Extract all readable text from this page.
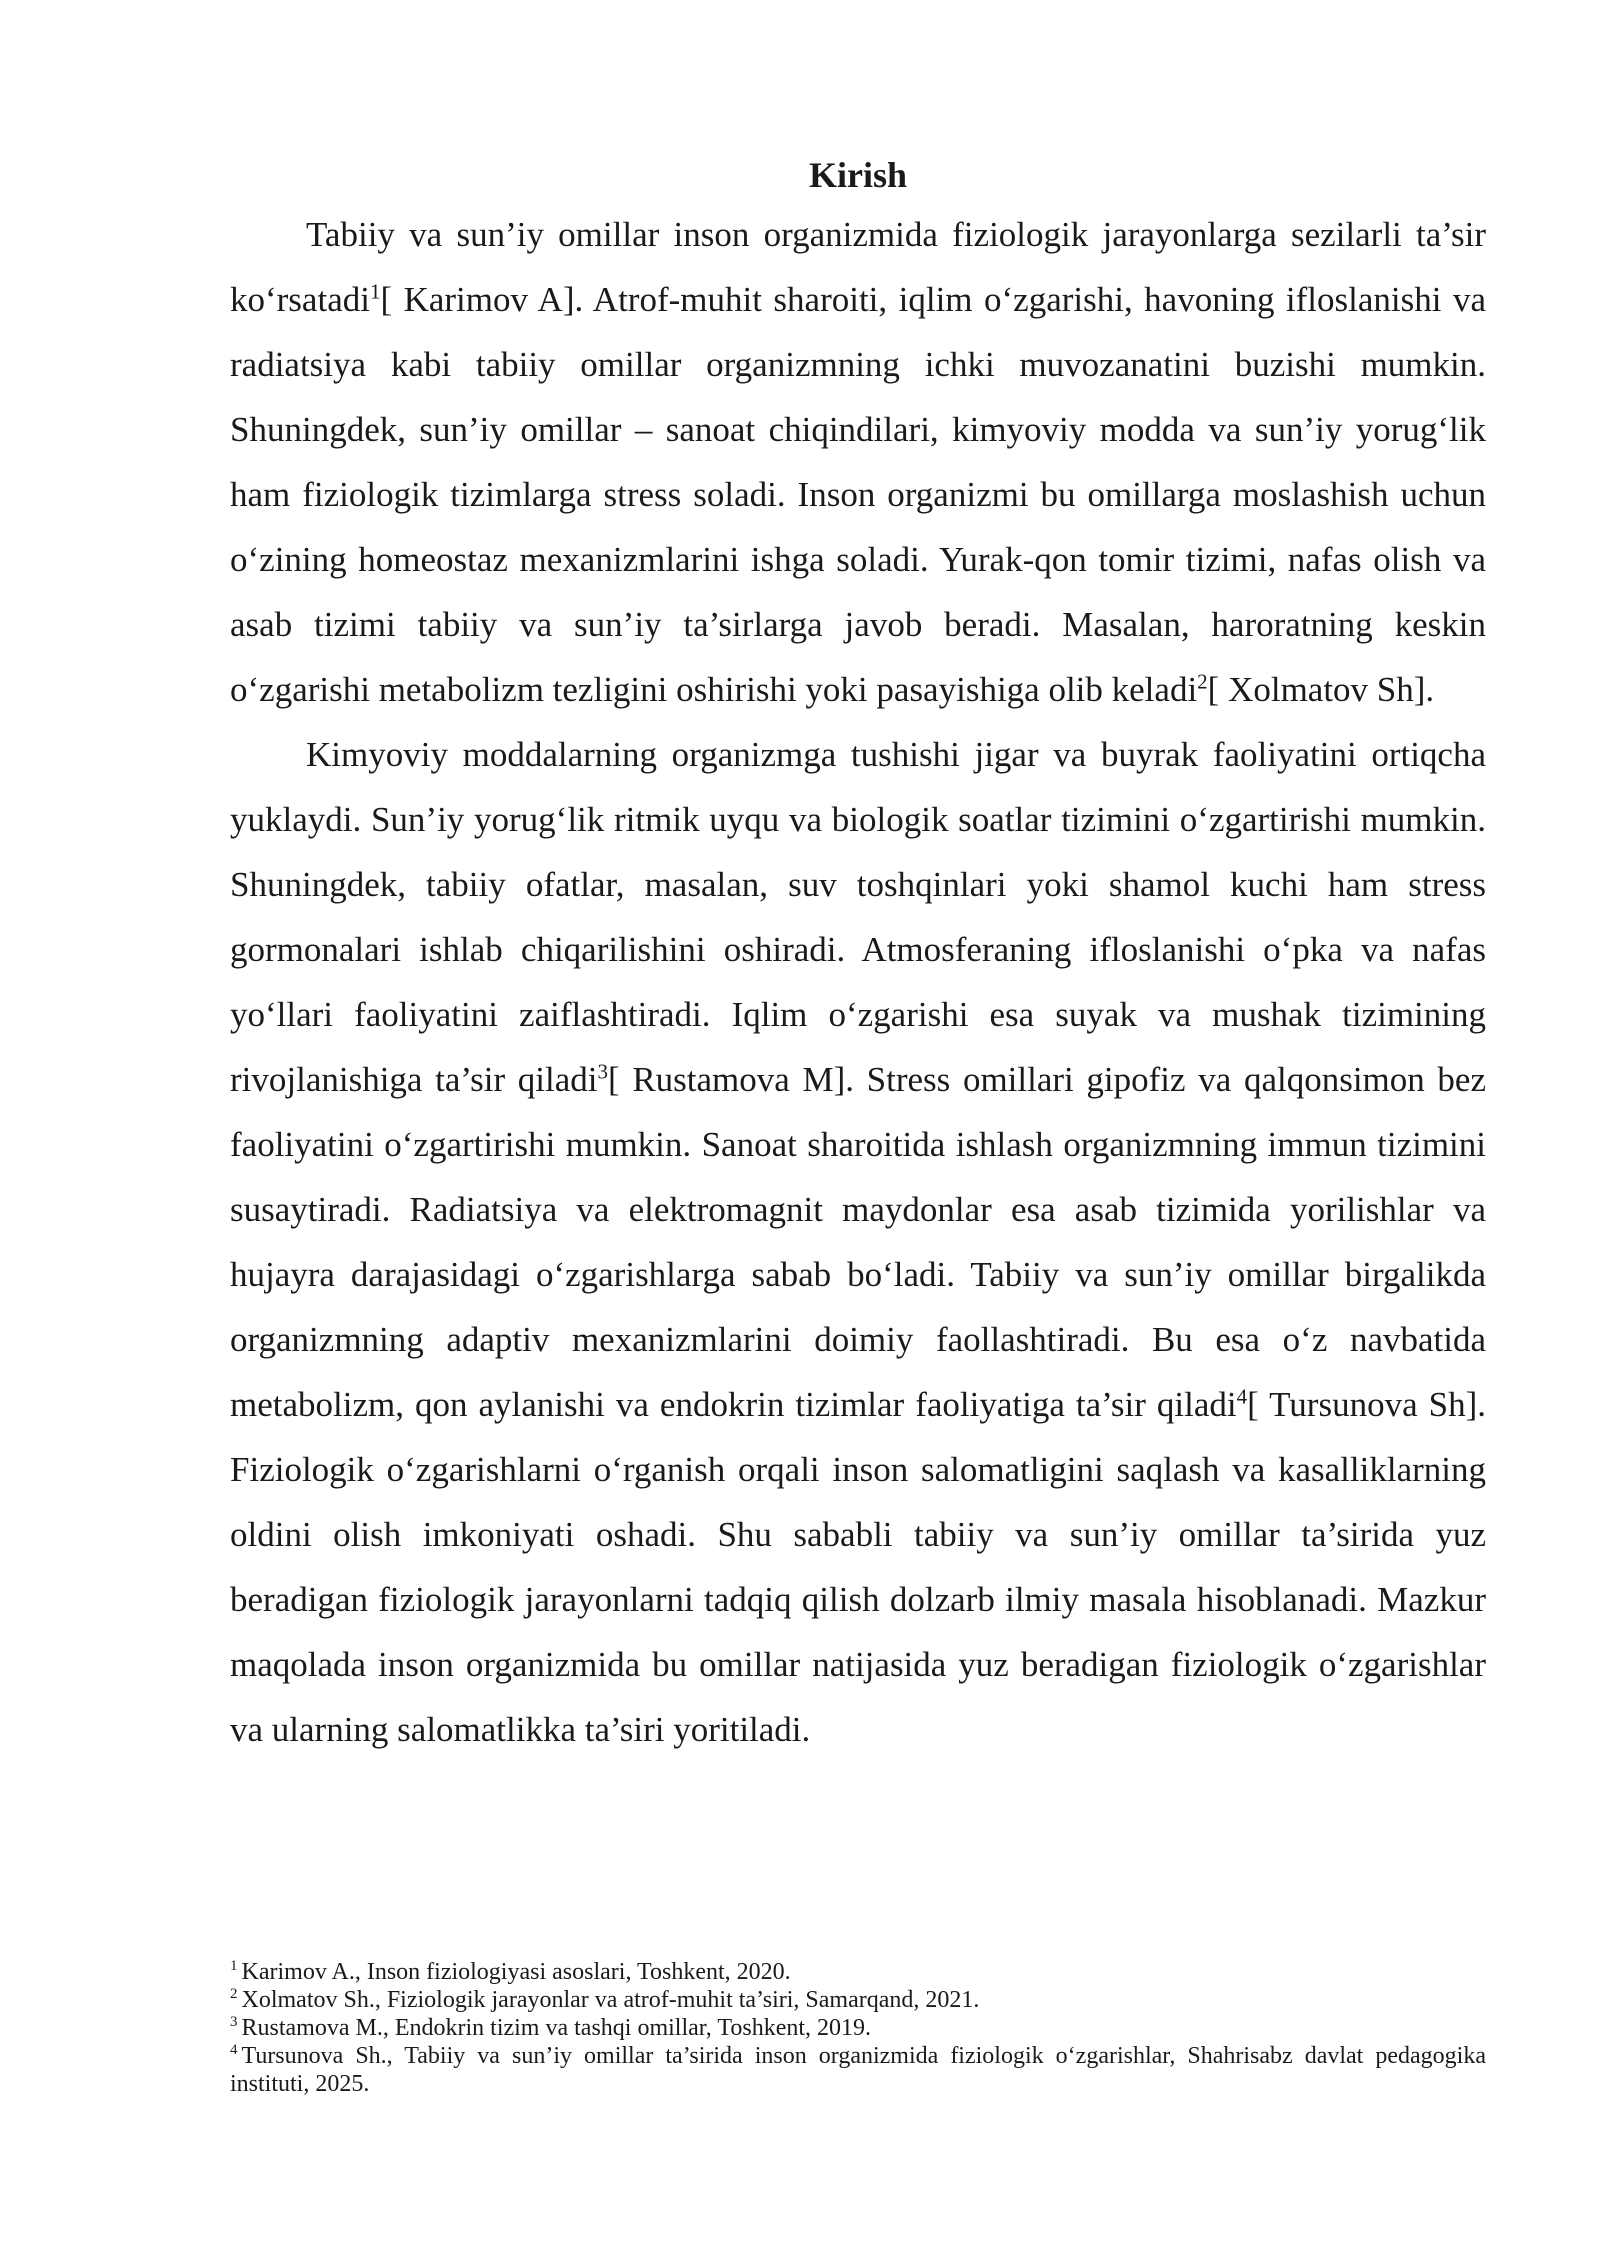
Kirish

Tabiiy va sun’iy omillar inson organizmida fiziologik jarayonlarga sezilarli ta’sir ko‘rsatadi$^1$[ Karimov A]. Atrof-muhit sharoiti, iqlim o‘zgarishi, havoning ifloslanishi va radiatsiya kabi tabiiy omillar organizmning ichki muvozanatini buzishi mumkin. Shuningdek, sun’iy omillar – sanoat chiqindilari, kimyoviy modda va sun’iy yorug‘lik ham fiziologik tizimlarga stress soladi. Inson organizmi bu omillarga moslashish uchun o‘zining homeostaz mexanizmlarini ishga soladi. Yurak-qon tomir tizimi, nafas olish va asab tizimi tabiiy va sun’iy ta’sirlarga javob beradi. Masalan, haroratning keskin o‘zgarishi metabolizm tezligini oshirishi yoki pasayishiga olib keladi$^2$[ Xolmatov Sh].

Kimyoviy moddalarning organizmga tushishi jigar va buyrak faoliyatini ortiqcha yuklaydi. Sun’iy yorug‘lik ritmik uyqu va biologik soatlar tizimini o‘zgartirishi mumkin. Shuningdek, tabiiy ofatlar, masalan, suv toshqinlari yoki shamol kuchi ham stress gormonalari ishlab chiqarilishini oshiradi. Atmosferaning ifloslanishi o‘pka va nafas yo‘llari faoliyatini zaiflashtiradi. Iqlim o‘zgarishi esa suyak va mushak tizimining rivojlanishiga ta’sir qiladi$^3$[ Rustamova M]. Stress omillari gipofiz va qalqonsimon bez faoliyatini o‘zgartirishi mumkin. Sanoat sharoitida ishlash organizmning immun tizimini susaytiradi. Radiatsiya va elektromagnit maydonlar esa asab tizimida yorilishlar va hujayra darajasidagi o‘zgarishlarga sabab bo‘ladi. Tabiiy va sun’iy omillar birgalikda organizmning adaptiv mexanizmlarini doimiy faollashtiradi. Bu esa o‘z navbatida metabolizm, qon aylanishi va endokrin tizimlar faoliyatiga ta’sir qiladi$^4$[ Tursunova Sh]. Fiziologik o‘zgarishlarni o‘rganish orqali inson salomatligini saqlash va kasalliklarning oldini olish imkoniyati oshadi. Shu sababli tabiiy va sun’iy omillar ta’sirida yuz beradigan fiziologik jarayonlarni tadqiq qilish dolzarb ilmiy masala hisoblanadi. Mazkur maqolada inson organizmida bu omillar natijasida yuz beradigan fiziologik o‘zgarishlar va ularning salomatlikka ta’siri yoritiladi.

$^1$ Karimov A., Inson fiziologiyasi asoslari, Toshkent, 2020.

$^2$ Xolmatov Sh., Fiziologik jarayonlar va atrof-muhit ta’siri, Samarqand, 2021.

$^3$ Rustamova M., Endokrin tizim va tashqi omillar, Toshkent, 2019.

$^4$ Tursunova Sh., Tabiiy va sun’iy omillar ta’sirida inson organizmida fiziologik o‘zgarishlar, Shahrisabz davlat pedagogika instituti, 2025.
